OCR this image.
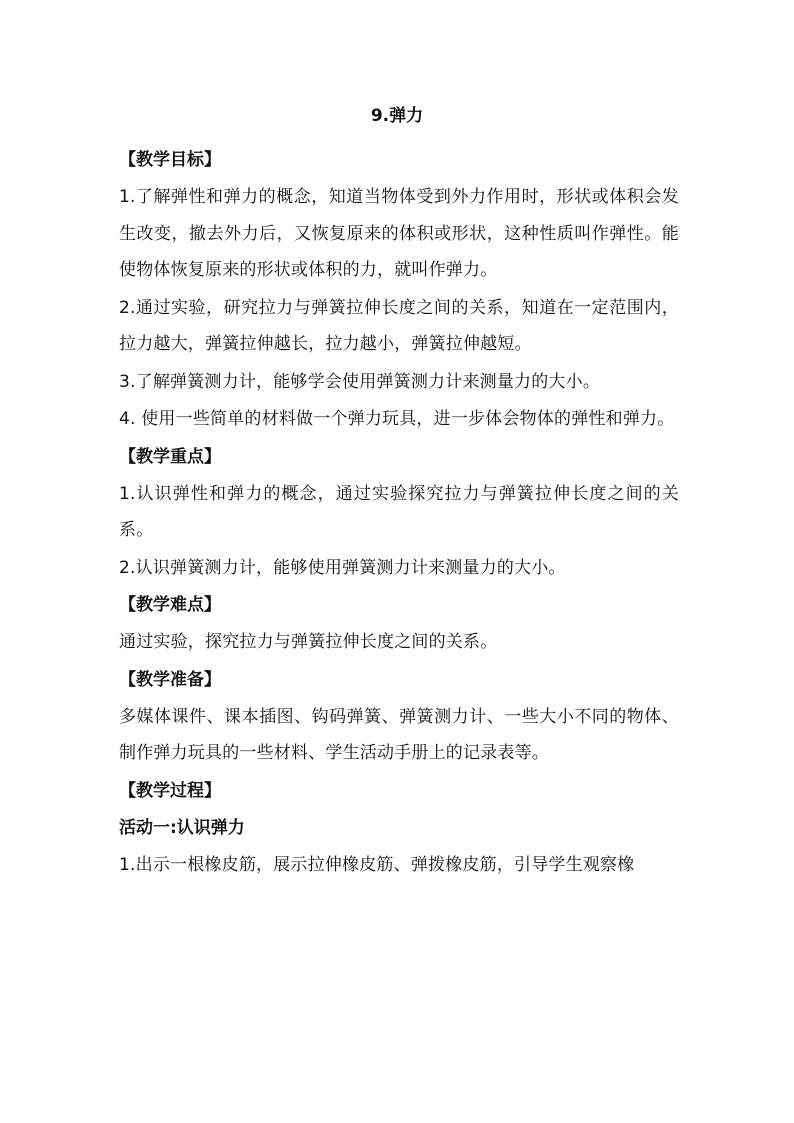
9.弹力
【教学目标】

1.了解弹性和弹力的概念，知道当物体受到外力作用时，形状或体积会发生改变，撤去外力后，又恢复原来的体积或形状，这种性质叫作弹性。能使物体恢复原来的形状或体积的力，就叫作弹力。

2.通过实验，研究拉力与弹簧拉伸长度之间的关系，知道在一定范围内，拉力越大，弹簧拉伸越长，拉力越小，弹簧拉伸越短。

3.了解弹簧测力计，能够学会使用弹簧测力计来测量力的大小。

4. 使用一些简单的材料做一个弹力玩具，进一步体会物体的弹性和弹力。

【教学重点】

1.认识弹性和弹力的概念，通过实验探究拉力与弹簧拉伸长度之间的关系。

2.认识弹簧测力计，能够使用弹簧测力计来测量力的大小。

【教学难点】

通过实验，探究拉力与弹簧拉伸长度之间的关系。

【教学准备】

多媒体课件、课本插图、钩码弹簧、弹簧测力计、一些大小不同的物体、制作弹力玩具的一些材料、学生活动手册上的记录表等。

【教学过程】
活动一:认识弹力

1.出示一根橡皮筋，展示拉伸橡皮筋、弹拨橡皮筋，引导学生观察橡
